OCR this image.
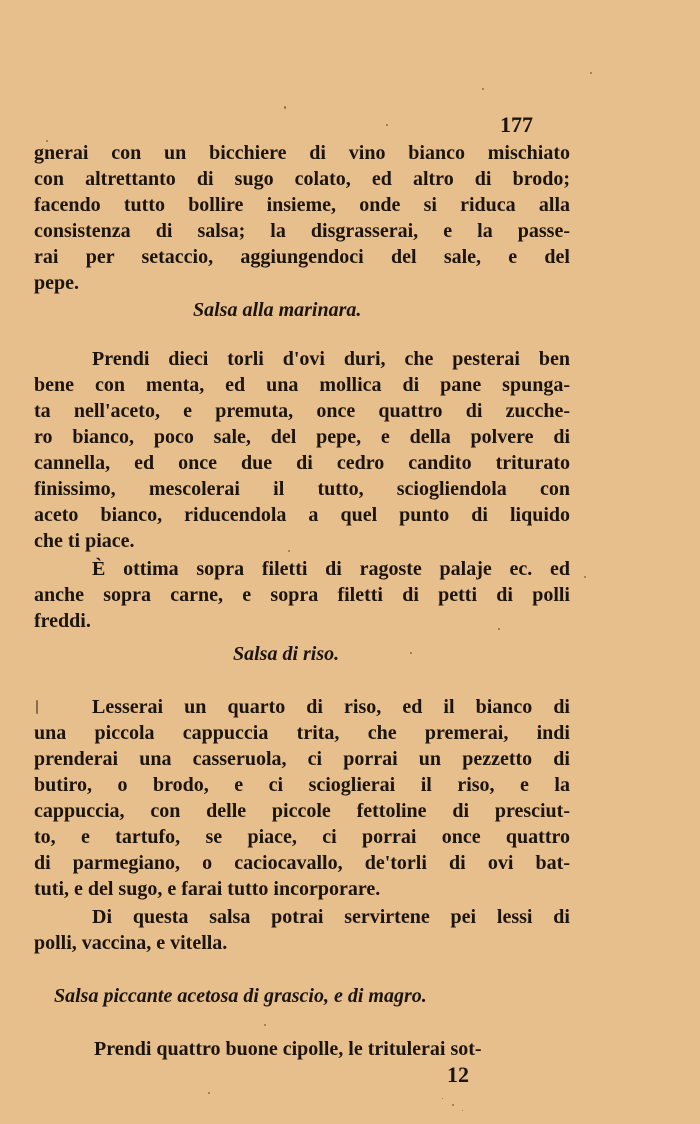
177
gnerai con un bicchiere di vino bianco mischiato
con altrettanto di sugo colato, ed altro di brodo;
facendo tutto bollire insieme, onde si riduca alla
consistenza di salsa; la disgrasserai, e la passe-
rai per setaccio, aggiungendoci del sale, e del
pepe.
Salsa alla marinara.
Prendi dieci torli d'ovi duri, che pesterai ben
bene con menta, ed una mollica di pane spunga-
ta nell'aceto, e premuta, once quattro di zucche-
ro bianco, poco sale, del pepe, e della polvere di
cannella, ed once due di cedro candito triturato
finissimo, mescolerai il tutto, sciogliendola con
aceto bianco, riducendola a quel punto di liquido
che ti piace.
È ottima sopra filetti di ragoste palaje ec. ed
anche sopra carne, e sopra filetti di petti di polli
freddi.
Salsa di riso.
Lesserai un quarto di riso, ed il bianco di
una piccola cappuccia trita, che premerai, indi
prenderai una casseruola, ci porrai un pezzetto di
butiro, o brodo, e ci scioglierai il riso, e la
cappuccia, con delle piccole fettoline di presciut-
to, e tartufo, se piace, ci porrai once quattro
di parmegiano, o caciocavallo, de'torli di ovi bat-
tuti, e del sugo, e farai tutto incorporare.
Di questa salsa potrai servirtene pei lessi di
polli, vaccina, e vitella.
Salsa piccante acetosa di grascio, e di magro.
Prendi quattro buone cipolle, le tritulerai sot-
12
